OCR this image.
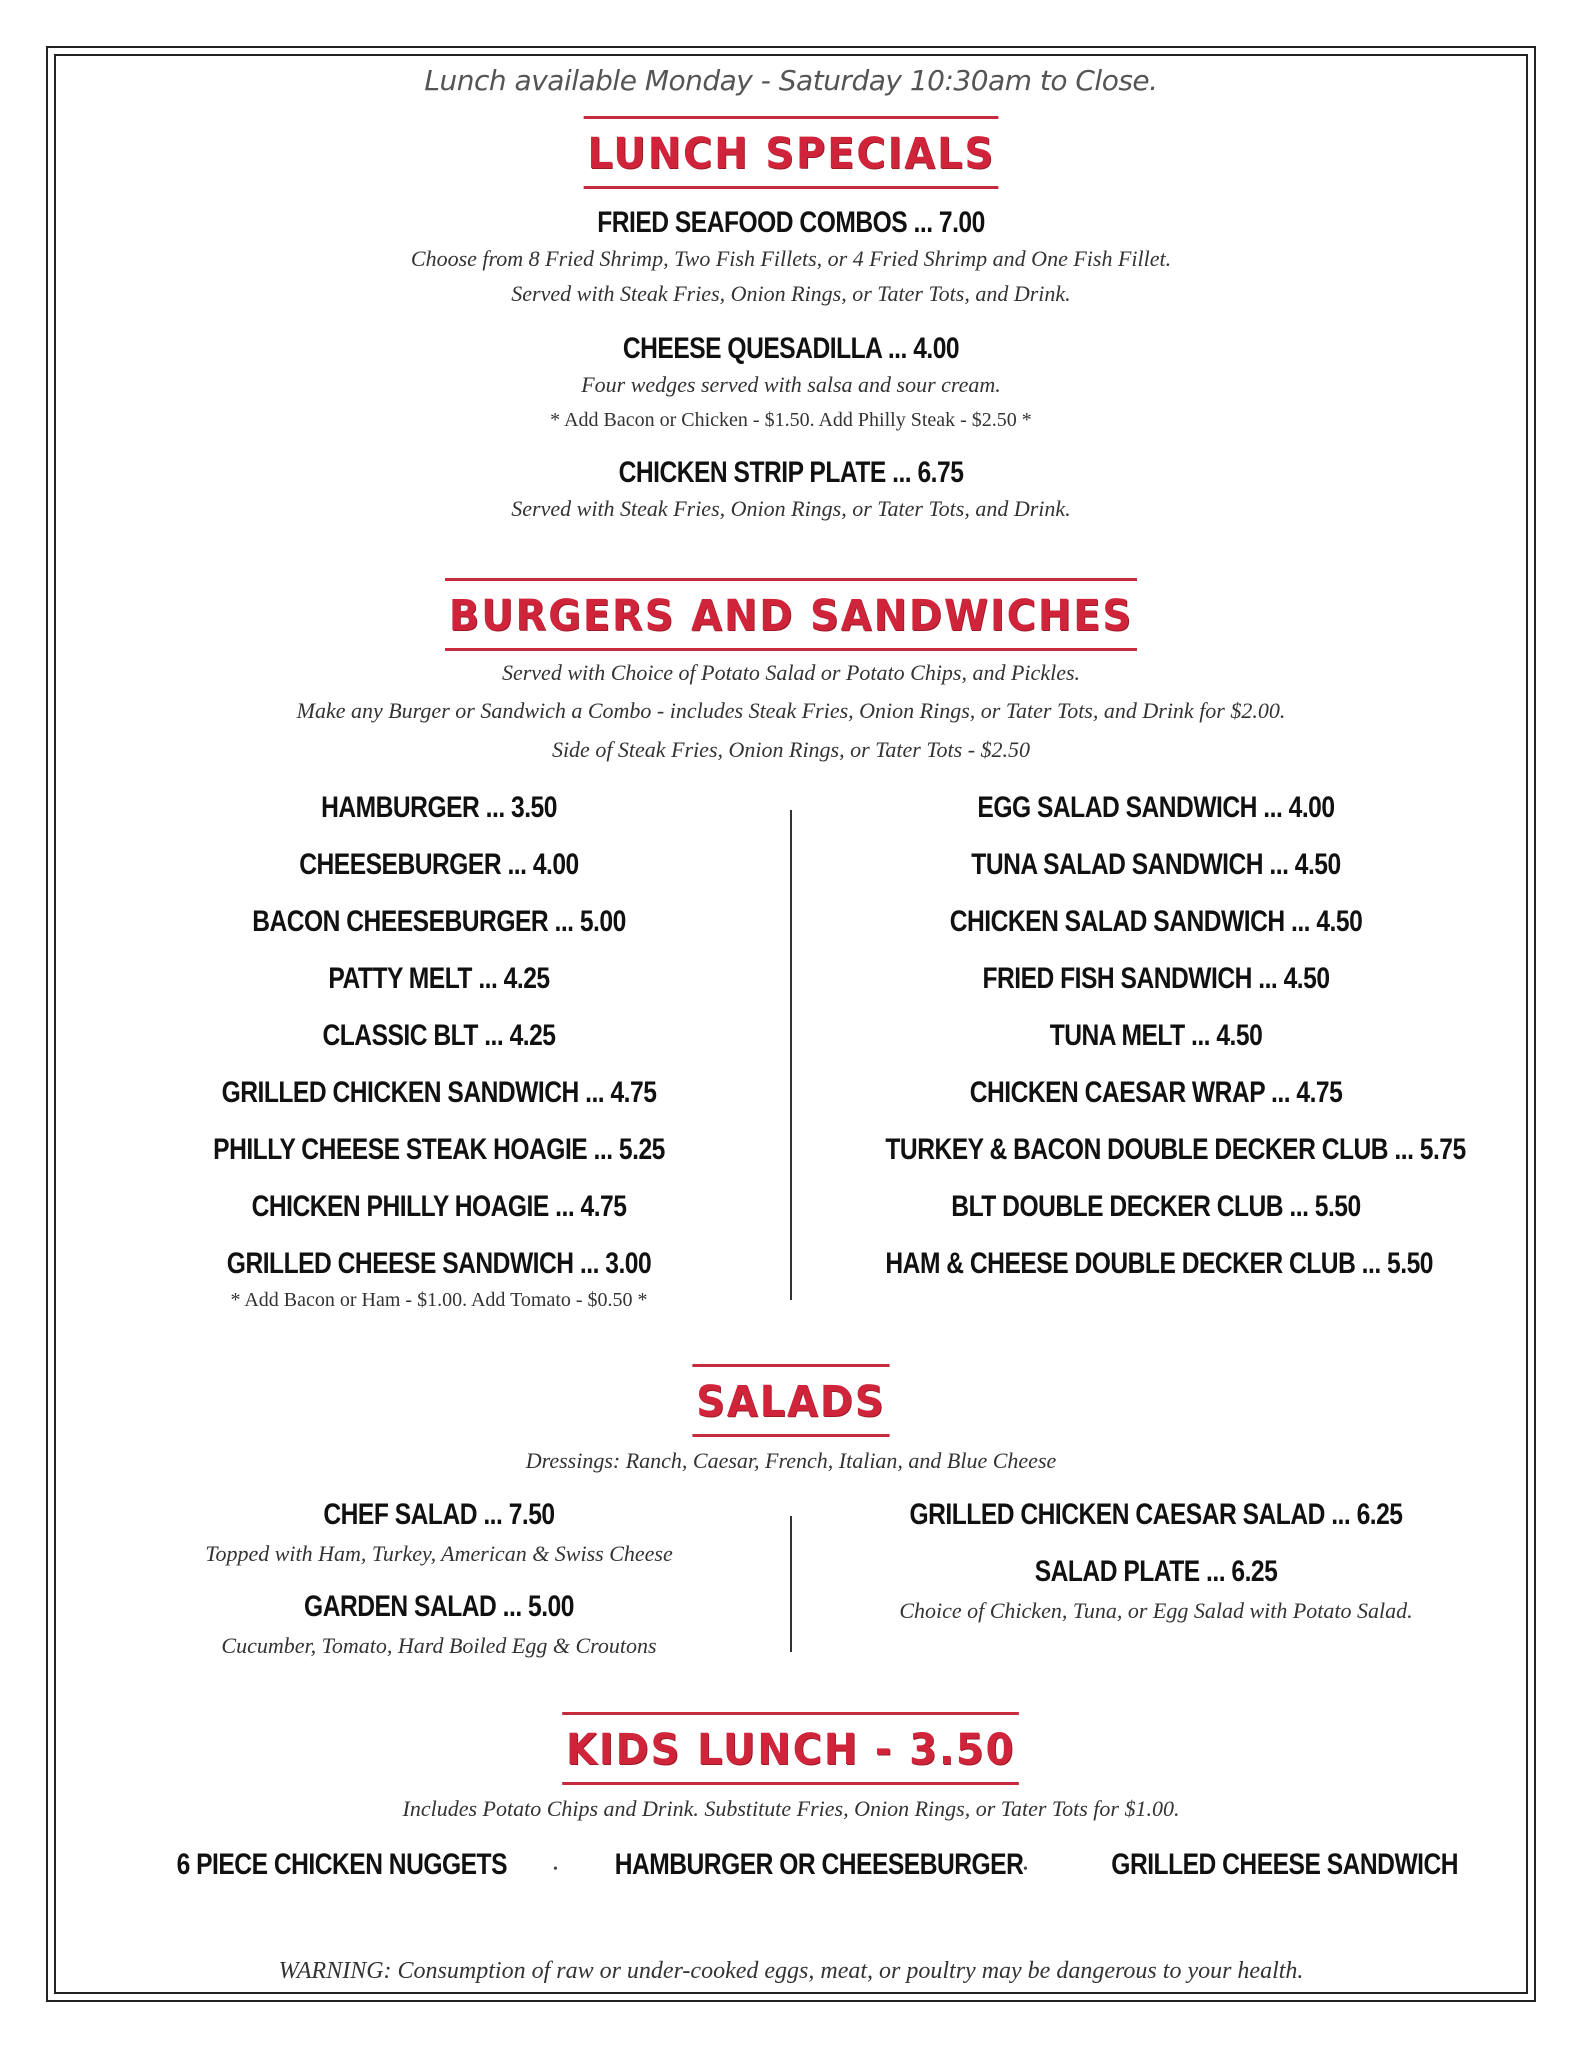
Lunch available Monday - Saturday 10:30am to Close.
LUNCH SPECIALS
FRIED SEAFOOD COMBOS ... 7.00
Choose from 8 Fried Shrimp, Two Fish Fillets, or 4 Fried Shrimp and One Fish Fillet.
Served with Steak Fries, Onion Rings, or Tater Tots, and Drink.
CHEESE QUESADILLA ... 4.00
Four wedges served with salsa and sour cream.
* Add Bacon or Chicken - $1.50. Add Philly Steak - $2.50 *
CHICKEN STRIP PLATE ... 6.75
Served with Steak Fries, Onion Rings, or Tater Tots, and Drink.
BURGERS AND SANDWICHES
Served with Choice of Potato Salad or Potato Chips, and Pickles.
Make any Burger or Sandwich a Combo - includes Steak Fries, Onion Rings, or Tater Tots, and Drink for $2.00.
Side of Steak Fries, Onion Rings, or Tater Tots - $2.50
HAMBURGER ... 3.50
CHEESEBURGER ... 4.00
BACON CHEESEBURGER ... 5.00
PATTY MELT ... 4.25
CLASSIC BLT ... 4.25
GRILLED CHICKEN SANDWICH ... 4.75
PHILLY CHEESE STEAK HOAGIE ... 5.25
CHICKEN PHILLY HOAGIE ... 4.75
GRILLED CHEESE SANDWICH ... 3.00
* Add Bacon or Ham - $1.00. Add Tomato - $0.50 *
EGG SALAD SANDWICH ... 4.00
TUNA SALAD SANDWICH ... 4.50
CHICKEN SALAD SANDWICH ... 4.50
FRIED FISH SANDWICH ... 4.50
TUNA MELT ... 4.50
CHICKEN CAESAR WRAP ... 4.75
TURKEY & BACON DOUBLE DECKER CLUB ... 5.75
BLT DOUBLE DECKER CLUB ... 5.50
HAM & CHEESE DOUBLE DECKER CLUB ... 5.50
SALADS
Dressings: Ranch, Caesar, French, Italian, and Blue Cheese
CHEF SALAD ... 7.50
Topped with Ham, Turkey, American & Swiss Cheese
GARDEN SALAD ... 5.00
Cucumber, Tomato, Hard Boiled Egg & Croutons
GRILLED CHICKEN CAESAR SALAD ... 6.25
SALAD PLATE ... 6.25
Choice of Chicken, Tuna, or Egg Salad with Potato Salad.
KIDS LUNCH - 3.50
Includes Potato Chips and Drink. Substitute Fries, Onion Rings, or Tater Tots for $1.00.
6 PIECE CHICKEN NUGGETS	• HAMBURGER OR CHEESEBURGER •	GRILLED CHEESE SANDWICH
WARNING: Consumption of raw or under-cooked eggs, meat, or poultry may be dangerous to your health.
